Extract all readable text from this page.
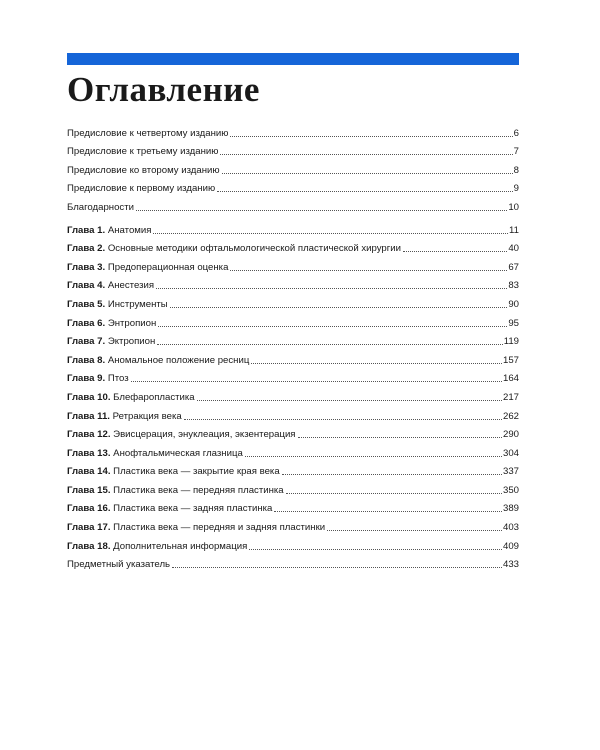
Оглавление
Предисловие к четвертому изданию	6
Предисловие к третьему изданию	7
Предисловие ко второму изданию	8
Предисловие к первому изданию	9
Благодарности	10
Глава 1. Анатомия	11
Глава 2. Основные методики офтальмологической пластической хирургии	40
Глава 3. Предоперационная оценка	67
Глава 4. Анестезия	83
Глава 5. Инструменты	90
Глава 6. Энтропион	95
Глава 7. Эктропион	119
Глава 8. Аномальное положение ресниц	157
Глава 9. Птоз	164
Глава 10. Блефаропластика	217
Глава 11. Ретракция века	262
Глава 12. Эвисцерация, энуклеация, экзентерация	290
Глава 13. Анофтальмическая глазница	304
Глава 14. Пластика века — закрытие края века	337
Глава 15. Пластика века — передняя пластинка	350
Глава 16. Пластика века — задняя пластинка	389
Глава 17. Пластика века — передняя и задняя пластинки	403
Глава 18. Дополнительная информация	409
Предметный указатель	433
